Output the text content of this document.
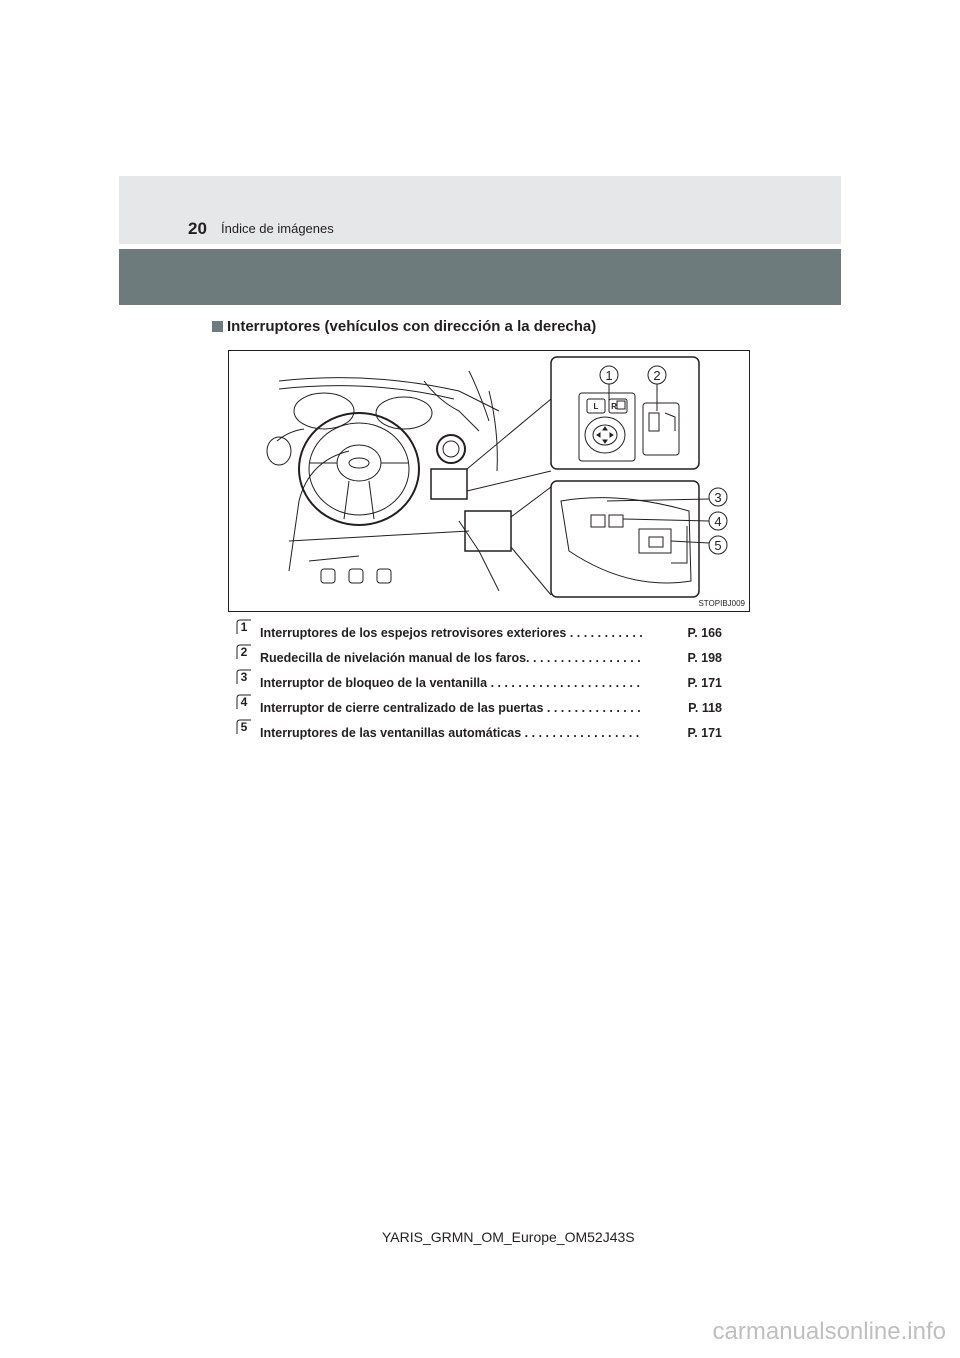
20 Índice de imágenes
Interruptores (vehículos con dirección a la derecha)
1	2
3
4
5
L R
STOPIBJ009
1 Interruptores de los espejos retrovisores exteriores . . . . . . . . . . .	P. 166
2 Ruedecilla de nivelación manual de los faros. . . . . . . . . . . . . . . . .	P. 198
3 Interruptor de bloqueo de la ventanilla . . . . . . . . . . . . . . . . . . . . . .	P. 171
4 Interruptor de cierre centralizado de las puertas . . . . . . . . . . . . . .	P. 118
5 Interruptores de las ventanillas automáticas . . . . . . . . . . . . . . . . .	P. 171
YARIS_GRMN_OM_Europe_OM52J43S
carmanualsonline.info
